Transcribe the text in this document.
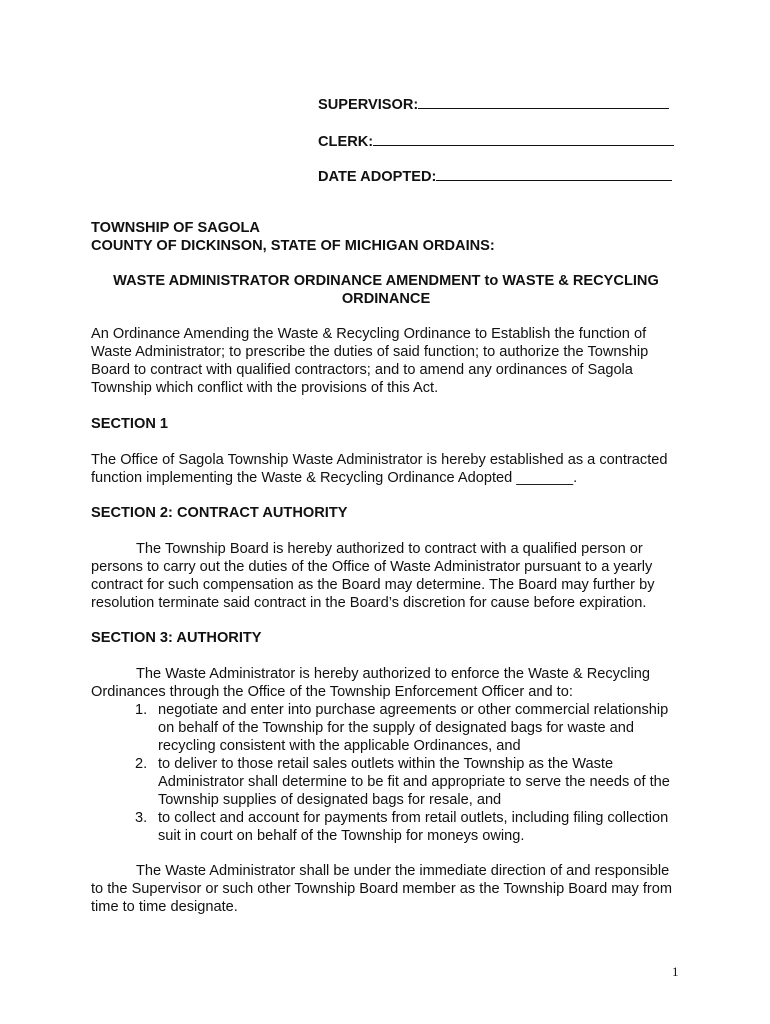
SUPERVISOR:
CLERK:
DATE ADOPTED:
TOWNSHIP OF SAGOLA
COUNTY OF DICKINSON, STATE OF MICHIGAN ORDAINS:
WASTE ADMINISTRATOR ORDINANCE AMENDMENT to WASTE & RECYCLING ORDINANCE
An Ordinance Amending the Waste & Recycling Ordinance to Establish the function of Waste Administrator; to prescribe the duties of said function; to authorize the Township Board to contract with qualified contractors; and to amend any ordinances of Sagola Township which conflict with the provisions of this Act.
SECTION 1
The Office of Sagola Township Waste Administrator is hereby established as a contracted function implementing the Waste & Recycling Ordinance Adopted _______.
SECTION 2: CONTRACT AUTHORITY
The Township Board is hereby authorized to contract with a qualified person or persons to carry out the duties of the Office of Waste Administrator pursuant to a yearly contract for such compensation as the Board may determine. The Board may further by resolution terminate said contract in the Board’s discretion for cause before expiration.
SECTION 3: AUTHORITY
The Waste Administrator is hereby authorized to enforce the Waste & Recycling Ordinances through the Office of the Township Enforcement Officer and to:
1. negotiate and enter into purchase agreements or other commercial relationship on behalf of the Township for the supply of designated bags for waste and recycling consistent with the applicable Ordinances, and
2. to deliver to those retail sales outlets within the Township as the Waste Administrator shall determine to be fit and appropriate to serve the needs of the Township supplies of designated bags for resale, and
3. to collect and account for payments from retail outlets, including filing collection suit in court on behalf of the Township for moneys owing.
The Waste Administrator shall be under the immediate direction of and responsible to the Supervisor or such other Township Board member as the Township Board may from time to time designate.
1
